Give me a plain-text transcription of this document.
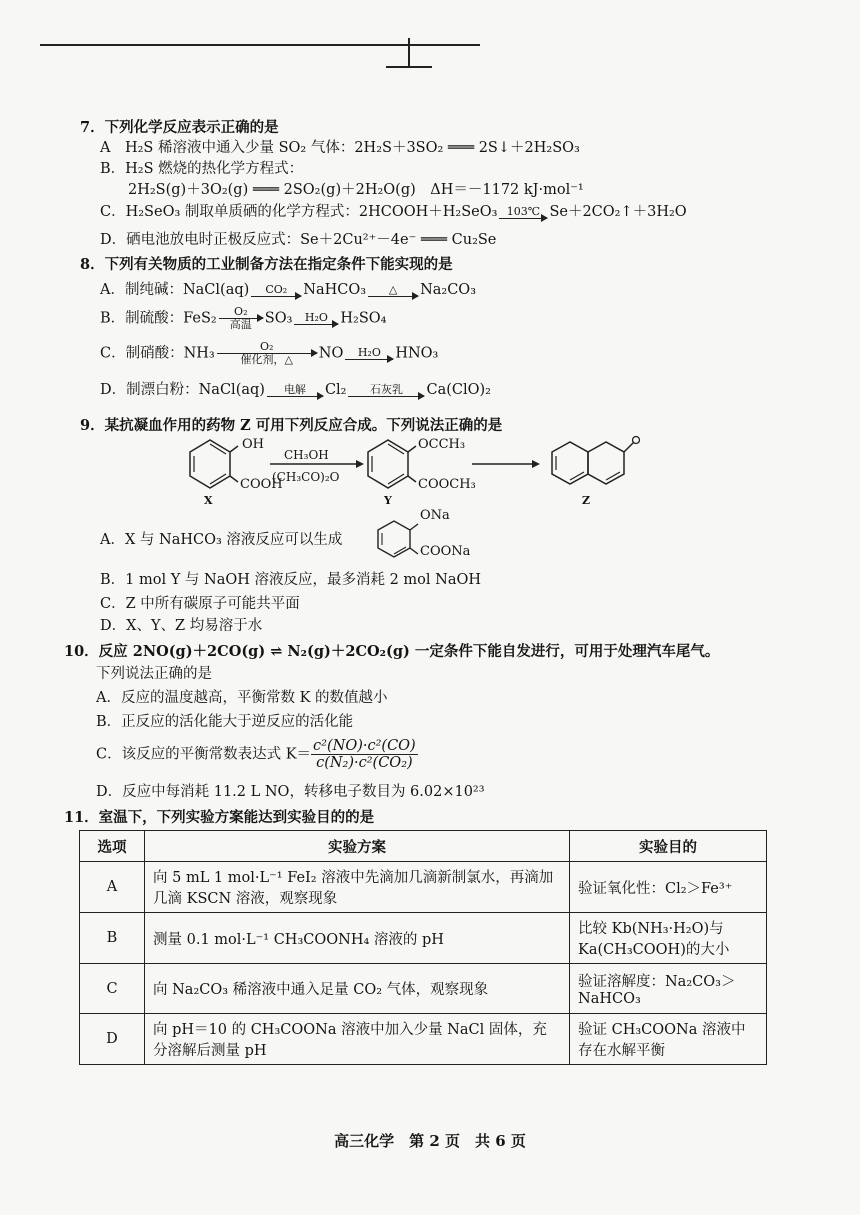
7．下列化学反应表示正确的是
A　H₂S 稀溶液中通入少量 SO₂ 气体：2H₂S＋3SO₂ ═══ 2S↓＋2H₂SO₃
B．H₂S 燃烧的热化学方程式：
2H₂S(g)＋3O₂(g) ═══ 2SO₂(g)＋2H₂O(g)　ΔH＝－1172 kJ·mol⁻¹
C．H₂SeO₃ 制取单质硒的化学方程式：2HCOOH＋H₂SeO₃ 103℃ Se＋2CO₂↑＋3H₂O
D．硒电池放电时正极反应式：Se＋2Cu²⁺－4e⁻ ═══ Cu₂Se
8．下列有关物质的工业制备方法在指定条件下能实现的是
A．制纯碱：NaCl(aq)	CO₂	NaHCO₃	△	Na₂CO₃
B．制硫酸：FeS₂	O₂
高温 SO₃	H₂O H₂SO₄
C．制硝酸：NH₃	O₂
催化剂，△	NO	H₂O HNO₃
D．制漂白粉：NaCl(aq)	电解	Cl₂	石灰乳	Ca(ClO)₂
9．某抗凝血作用的药物 Z 可用下列反应合成。下列说法正确的是
OH
COOH
X
CH₃OH
(CH₃CO)₂O
OCCH₃
COOCH₃
Y	Z
A．X 与 NaHCO₃ 溶液反应可以生成
ONa
COONa
B．1 mol Y 与 NaOH 溶液反应，最多消耗 2 mol NaOH
C．Z 中所有碳原子可能共平面
D．X、Y、Z 均易溶于水
10．反应 2NO(g)＋2CO(g) ⇌ N₂(g)＋2CO₂(g) 一定条件下能自发进行，可用于处理汽车尾气。
下列说法正确的是
A．反应的温度越高，平衡常数 K 的数值越小
B．正反应的活化能大于逆反应的活化能
C．该反应的平衡常数表达式 $K= \frac{\text{c²(NO)·c²(CO)}}{\text{c(N₂)·c²(CO₂)}}$
D．反应中每消耗 11.2 L NO，转移电子数目为 6.02×10²³
11．室温下，下列实验方案能达到实验目的的是
选项	实验方案	实验目的
A	向 5 mL 1 mol·L⁻¹ FeI₂ 溶液中先滴加几滴新制氯水，再滴加几滴 KSCN 溶液，观察现象	验证氧化性：Cl₂＞Fe³⁺
B	测量 0.1 mol·L⁻¹ CH₃COONH₄ 溶液的 pH	比较 Kb(NH₃·H₂O)与 Ka(CH₃COOH)的大小
C	向 Na₂CO₃ 稀溶液中通入足量 CO₂ 气体，观察现象	验证溶解度：Na₂CO₃＞NaHCO₃
D	向 pH＝10 的 CH₃COONa 溶液中加入少量 NaCl 固体，充分溶解后测量 pH	验证 CH₃COONa 溶液中存在水解平衡
高三化学　第 2 页　共 6 页
